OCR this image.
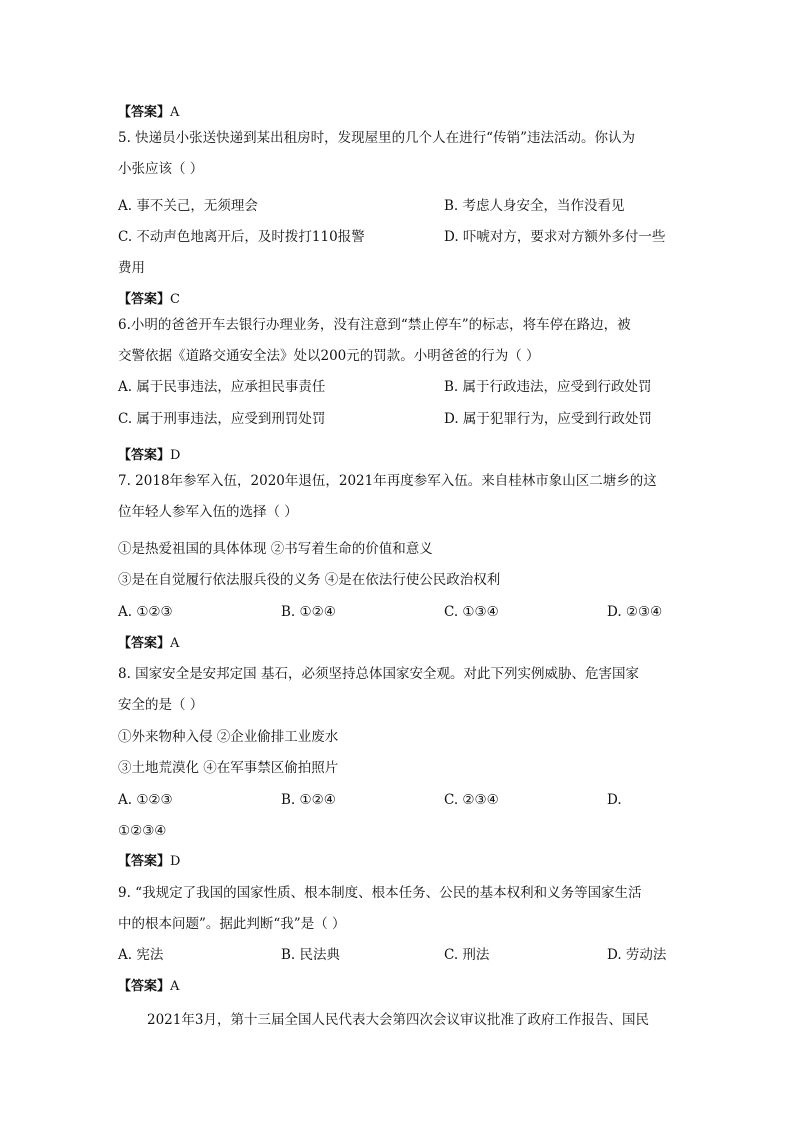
【答案】A
5. 快递员小张送快递到某出租房时，发现屋里的几个人在进行“传销”违法活动。你认为
小张应该（ ）
A. 事不关己，无须理会	B. 考虑人身安全，当作没看见
C. 不动声色地离开后，及时拨打110报警	D. 吓唬对方，要求对方额外多付一些
费用
【答案】C
6.小明的爸爸开车去银行办理业务，没有注意到“禁止停车”的标志，将车停在路边，被
交警依据《道路交通安全法》处以200元的罚款。小明爸爸的行为（ ）
A. 属于民事违法，应承担民事责任	B. 属于行政违法，应受到行政处罚
C. 属于刑事违法，应受到刑罚处罚	D. 属于犯罪行为，应受到行政处罚
【答案】D
7. 2018年参军入伍，2020年退伍，2021年再度参军入伍。来自桂林市象山区二塘乡的这
位年轻人参军入伍的选择（ ）
①是热爱祖国的具体体现 ②书写着生命的价值和意义
③是在自觉履行依法服兵役的义务 ④是在依法行使公民政治权利
A. ①②③	B. ①②④	C. ①③④	D. ②③④
【答案】A
8. 国家安全是安邦定国 基石，必须坚持总体国家安全观。对此下列实例威胁、危害国家
安全的是（ ）
①外来物种入侵 ②企业偷排工业废水
③土地荒漠化 ④在军事禁区偷拍照片
A. ①②③	B. ①②④	C. ②③④	D.
①②③④
【答案】D
9. “我规定了我国的国家性质、根本制度、根本任务、公民的基本权利和义务等国家生活
中的根本问题”。据此判断“我”是（ ）
A. 宪法	B. 民法典	C. 刑法	D. 劳动法
【答案】A
2021年3月，第十三届全国人民代表大会第四次会议审议批准了政府工作报告、国民
